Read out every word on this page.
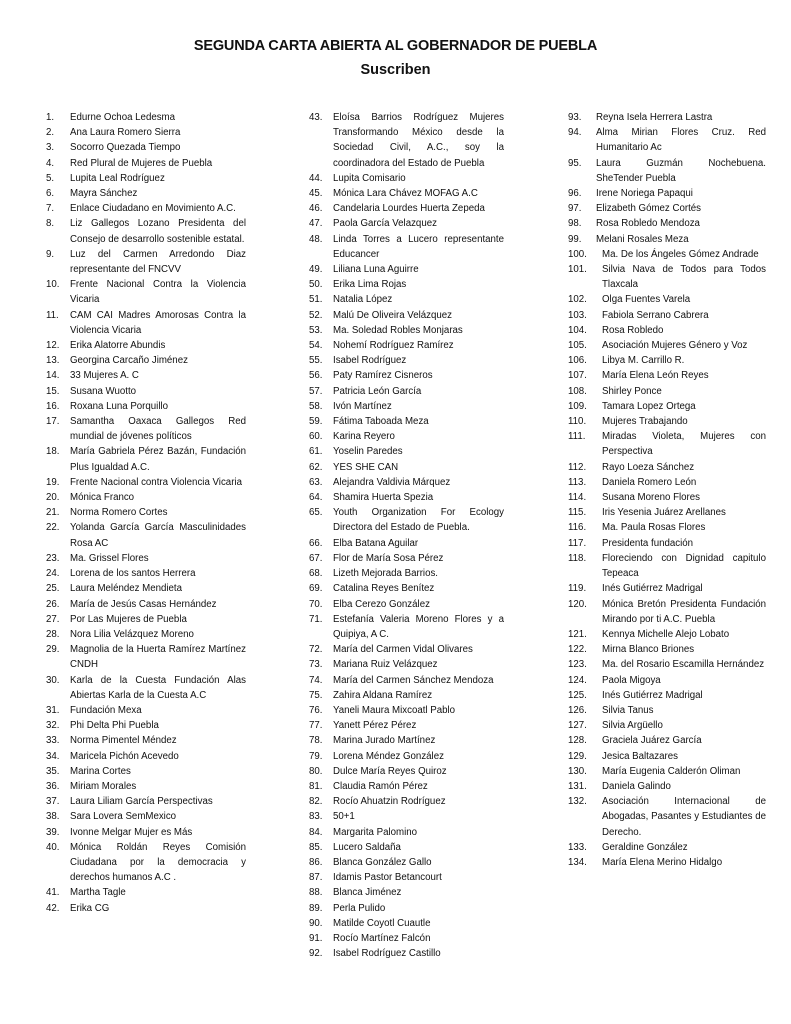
SEGUNDA CARTA ABIERTA AL GOBERNADOR DE PUEBLA
Suscriben
1.	Edurne Ochoa Ledesma
2.	Ana Laura Romero Sierra
3.	Socorro Quezada Tiempo
4.	Red Plural de Mujeres de Puebla
5.	Lupita Leal Rodríguez
6.	Mayra Sánchez
7.	Enlace Ciudadano en Movimiento A.C.
8.	Liz Gallegos Lozano Presidenta del Consejo de desarrollo sostenible estatal.
9.	Luz del Carmen Arredondo Diaz representante del FNCVV
10.	Frente Nacional Contra la Violencia Vicaria
11.	CAM CAI Madres Amorosas Contra la Violencia Vicaria
12.	Erika Alatorre Abundis
13.	Georgina Carcaño Jiménez
14.	33 Mujeres A. C
15.	Susana Wuotto
16.	Roxana Luna Porquillo
17.	Samantha Oaxaca Gallegos Red mundial de jóvenes políticos
18.	María Gabriela Pérez Bazán, Fundación Plus Igualdad A.C.
19.	Frente Nacional contra Violencia Vicaria
20.	Mónica Franco
21.	Norma Romero Cortes
22.	Yolanda García García Masculinidades Rosa AC
23.	Ma. Grissel Flores
24.	Lorena de los santos Herrera
25.	Laura Meléndez Mendieta
26.	María de Jesús Casas Hernández
27.	Por Las Mujeres de Puebla
28.	Nora Lilia Velázquez Moreno
29.	Magnolia de la Huerta Ramírez Martínez CNDH
30.	Karla de la Cuesta Fundación Alas Abiertas Karla de la Cuesta A.C
31.	Fundación Mexa
32.	Phi Delta Phi Puebla
33.	Norma Pimentel Méndez
34.	Maricela Pichón Acevedo
35.	Marina Cortes
36.	Miriam Morales
37.	Laura Liliam García Perspectivas
38.	Sara Lovera SemMexico
39.	Ivonne Melgar Mujer es Más
40.	Mónica Roldán Reyes Comisión Ciudadana por la democracia y derechos humanos A.C .
41.	Martha Tagle
42.	Erika CG
43.	Eloísa Barrios Rodríguez Mujeres Transformando México desde la Sociedad Civil, A.C., soy la coordinadora del Estado de Puebla
44.	Lupita Comisario
45.	Mónica Lara Chávez MOFAG A.C
46.	Candelaria Lourdes Huerta Zepeda
47.	Paola García Velazquez
48.	Linda Torres a Lucero representante Educancer
49.	Liliana Luna Aguirre
50.	Erika Lima Rojas
51.	Natalia López
52.	Malú De Oliveira Velázquez
53.	Ma. Soledad Robles Monjaras
54.	Nohemí Rodríguez Ramírez
55.	Isabel Rodríguez
56.	Paty Ramírez Cisneros
57.	Patricia León García
58.	Ivón Martínez
59.	Fátima Taboada Meza
60.	Karina Reyero
61.	Yoselin Paredes
62.	YES SHE CAN
63.	Alejandra Valdivia Márquez
64.	Shamira Huerta Spezia
65.	Youth Organization For Ecology Directora del Estado de Puebla.
66.	Elba Batana Aguilar
67.	Flor de María Sosa Pérez
68.	Lizeth Mejorada Barrios.
69.	Catalina Reyes Benítez
70.	Elba Cerezo González
71.	Estefanía Valeria Moreno Flores y a Quipiya, A C.
72.	María del Carmen Vidal Olivares
73.	Mariana Ruiz Velázquez
74.	María del Carmen Sánchez Mendoza
75.	Zahira Aldana Ramírez
76.	Yaneli Maura Mixcoatl Pablo
77.	Yanett Pérez Pérez
78.	Marina Jurado Martínez
79.	Lorena Méndez González
80.	Dulce María Reyes Quiroz
81.	Claudia Ramón Pérez
82.	Rocío Ahuatzin Rodríguez
83.	50+1
84.	Margarita Palomino
85.	Lucero Saldaña
86.	Blanca González Gallo
87.	Idamis Pastor Betancourt
88.	Blanca Jiménez
89.	Perla Pulido
90.	Matilde Coyotl Cuautle
91.	Rocío Martínez Falcón
92.	Isabel Rodríguez Castillo
93.	Reyna Isela Herrera Lastra
94.	Alma Mirian Flores Cruz. Red Humanitario Ac
95.	Laura Guzmán Nochebuena. SheTender Puebla
96.	Irene Noriega Papaqui
97.	Elizabeth Gómez Cortés
98.	Rosa Robledo Mendoza
99.	Melani Rosales Meza
100.	Ma. De los Ángeles Gómez Andrade
101.	Silvia Nava de Todos para Todos Tlaxcala
102.	Olga Fuentes Varela
103.	Fabiola Serrano Cabrera
104.	Rosa Robledo
105.	Asociación Mujeres Género y Voz
106.	Libya M. Carrillo R.
107.	María Elena León Reyes
108.	Shirley Ponce
109.	Tamara Lopez Ortega
110.	Mujeres Trabajando
111.	Miradas Violeta, Mujeres con Perspectiva
112.	Rayo Loeza Sánchez
113.	Daniela Romero León
114.	Susana Moreno Flores
115.	Iris Yesenia Juárez Arellanes
116.	Ma. Paula Rosas Flores
117.	Presidenta fundación
118.	Floreciendo con Dignidad capitulo Tepeaca
119.	Inés Gutiérrez Madrigal
120.	Mónica Bretón Presidenta Fundación Mirando por ti A.C. Puebla
121.	Kennya Michelle Alejo Lobato
122.	Mirna Blanco Briones
123.	Ma. del Rosario Escamilla Hernández
124.	Paola Migoya
125.	Inés Gutiérrez Madrigal
126.	Silvia Tanus
127.	Silvia Argüello
128.	Graciela Juárez García
129.	Jesica Baltazares
130.	María Eugenia Calderón Oliman
131.	Daniela Galindo
132.	Asociación Internacional de Abogadas, Pasantes y Estudiantes de Derecho.
133.	Geraldine González
134.	María Elena Merino Hidalgo
